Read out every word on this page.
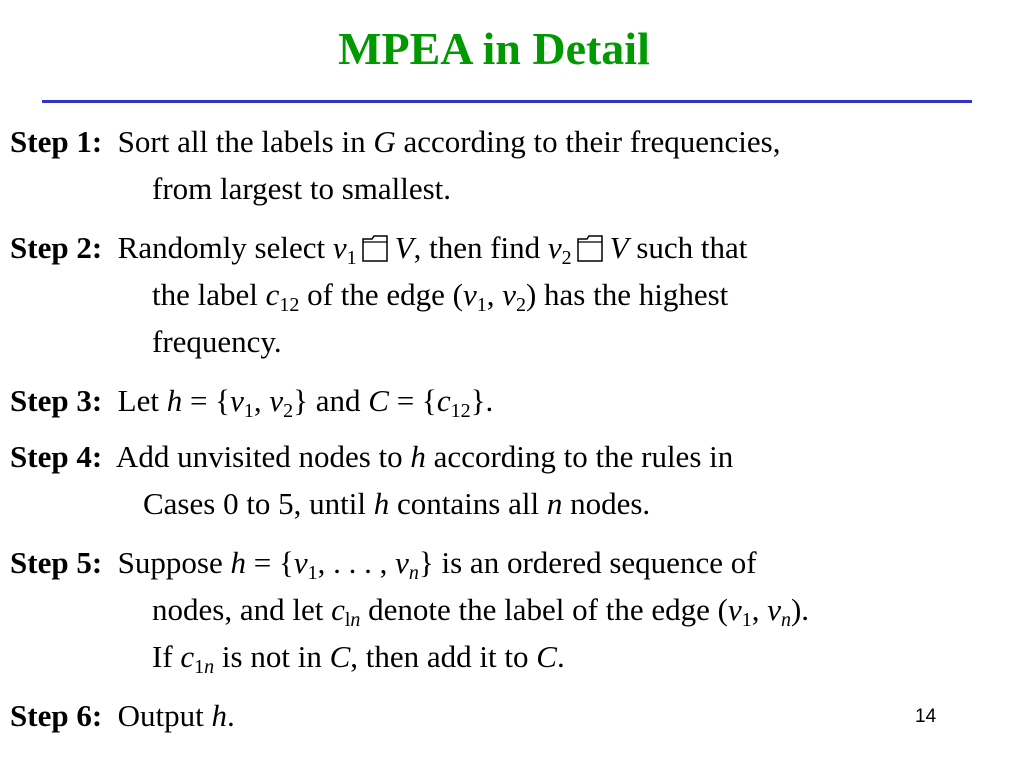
MPEA in Detail
Step 1:  Sort all the labels in G according to their frequencies,
from largest to smallest.
Step 2:  Randomly select $v_1$ V, then find $v_2$ V such that
the label $c_{12}$ of the edge ($v_1$, $v_2$) has the highest
frequency.
Step 3:  Let $h = \{v_1$, $v_2$} and $C = \{c_{12}\}$.
Step 4:  Add unvisited nodes to h according to the rules in
Cases 0 to 5, until h contains all n nodes.
Step 5:  Suppose $h = \{v_1$, . . . , $v_n$} is an ordered sequence of
nodes, and let $c_{ln}$ denote the label of the edge ($v_1$, $v_n$).
If $c_{1n}$ is not in C, then add it to C.
Step 6:  Output h.	14
